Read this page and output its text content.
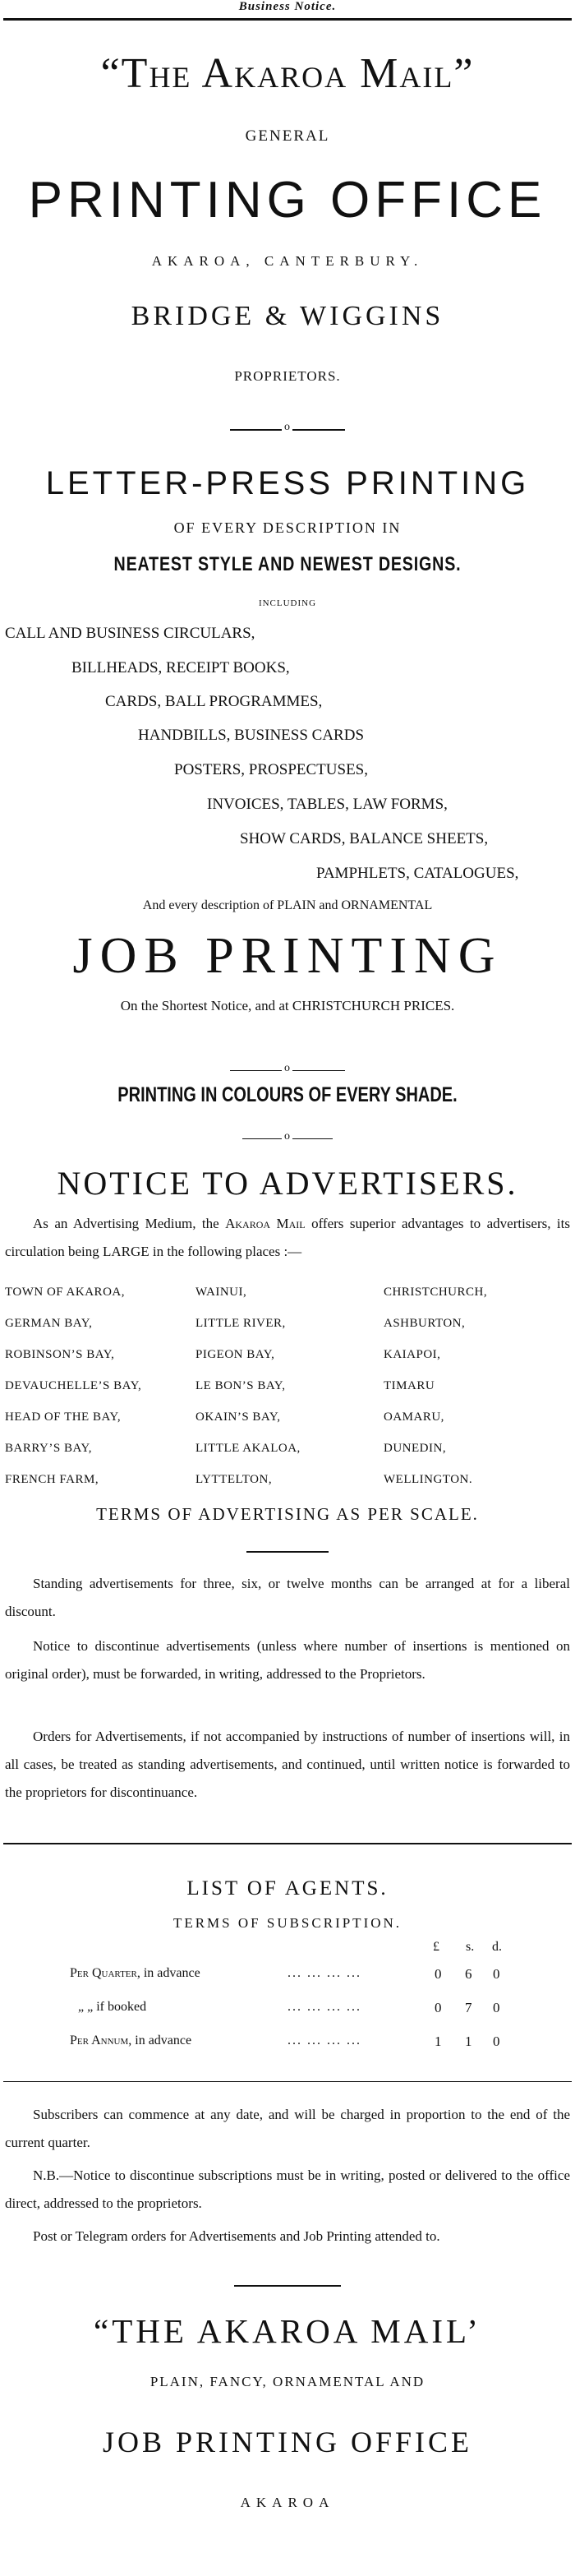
Business Notice.
“The Akaroa Mail”
GENERAL
PRINTING OFFICE
AKAROA, CANTERBURY.
BRIDGE & WIGGINS
PROPRIETORS.
o
LETTER-PRESS PRINTING
OF EVERY DESCRIPTION IN
NEATEST STYLE AND NEWEST DESIGNS.
INCLUDING
CALL AND BUSINESS CIRCULARS,
BILLHEADS, RECEIPT BOOKS,
CARDS, BALL PROGRAMMES,
HANDBILLS, BUSINESS CARDS
POSTERS, PROSPECTUSES,
INVOICES, TABLES, LAW FORMS,
SHOW CARDS, BALANCE SHEETS,
PAMPHLETS, CATALOGUES,
And every description of PLAIN and ORNAMENTAL
JOB PRINTING
On the Shortest Notice, and at CHRISTCHURCH PRICES.
o
PRINTING IN COLOURS OF EVERY SHADE.
o
NOTICE TO ADVERTISERS.
As an Advertising Medium, the Akaroa Mail offers superior advantages to advertisers, its circulation being LARGE in the following places :—
TOWN OF AKAROA,	WAINUI,	CHRISTCHURCH,
GERMAN BAY,	LITTLE RIVER,	ASHBURTON,
ROBINSON’S BAY,	PIGEON BAY,	KAIAPOI,
DEVAUCHELLE’S BAY,	LE BON’S BAY,	TIMARU
HEAD OF THE BAY,	OKAIN’S BAY,	OAMARU,
BARRY’S BAY,	LITTLE AKALOA,	DUNEDIN,
FRENCH FARM,	LYTTELTON,	WELLINGTON.
TERMS OF ADVERTISING AS PER SCALE.
Standing advertisements for three, six, or twelve months can be arranged at for a liberal discount.
Notice to discontinue advertisements (unless where number of insertions is mentioned on original order), must be forwarded, in writing, addressed to the Proprietors.
Orders for Advertisements, if not accompanied by instructions of number of insertions will, in all cases, be treated as standing advertisements, and continued, until written notice is forwarded to the proprietors for discontinuance.
LIST OF AGENTS.
TERMS OF SUBSCRIPTION.
£ s. d.
Per Quarter, in advance	... ... ... ...	0 6 0
„ „ if booked	... ... ... ...	0 7 0
Per Annum, in advance	... ... ... ...	1 1 0
Subscribers can commence at any date, and will be charged in proportion to the end of the current quarter.
N.B.—Notice to discontinue subscriptions must be in writing, posted or delivered to the office direct, addressed to the proprietors.
Post or Telegram orders for Advertisements and Job Printing attended to.
“THE AKAROA MAIL’
PLAIN, FANCY, ORNAMENTAL AND
JOB PRINTING OFFICE
AKAROA
